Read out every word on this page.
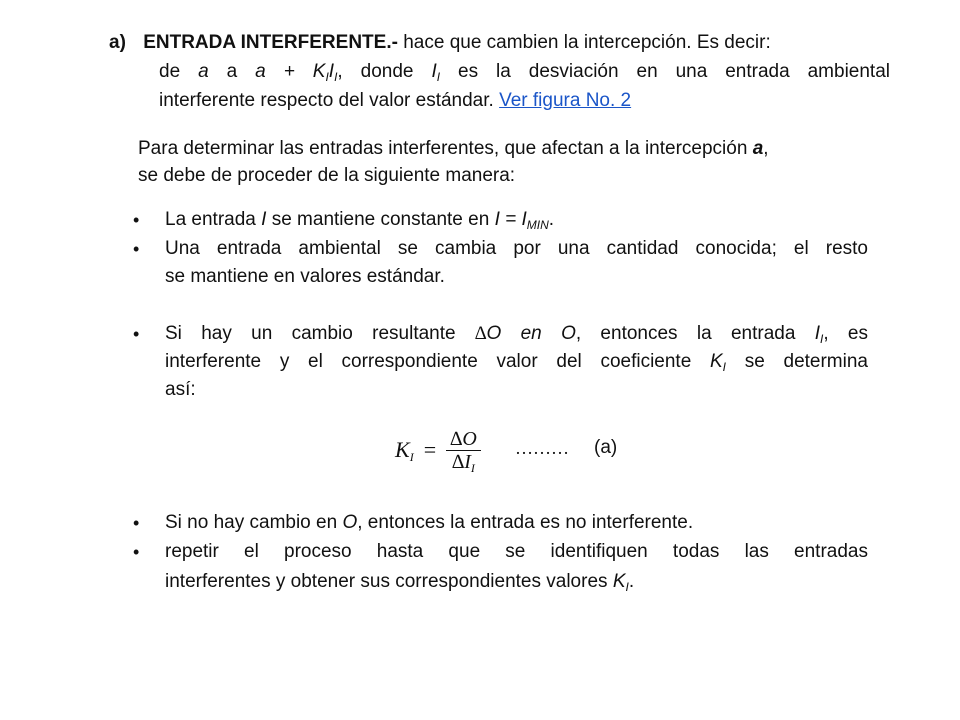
a) ENTRADA INTERFERENTE.- hace que cambien la intercepción. Es decir:
de a a $a + K_II_I$, donde $I_I$ es la desviación en una entrada ambiental
interferente respecto del valor estándar. Ver figura No. 2
Para determinar las entradas interferentes, que afectan a la intercepción a,
se debe de proceder de la siguiente manera:
• La entrada I se mantiene constante en $I = I_{MIN}$.
• Una entrada ambiental se cambia por una cantidad conocida; el resto
se mantiene en valores estándar.
• Si hay un cambio resultante ∆O en O, entonces la entrada $I_I$, es
interferente y el correspondiente valor del coeficiente $K_I$ se determina
así:
$K_I = \frac{\Delta O}{\Delta I_I}$ ……… (a)
• Si no hay cambio en O, entonces la entrada es no interferente.
• repetir el proceso hasta que se identifiquen todas las entradas
interferentes y obtener sus correspondientes valores $K_I$.
